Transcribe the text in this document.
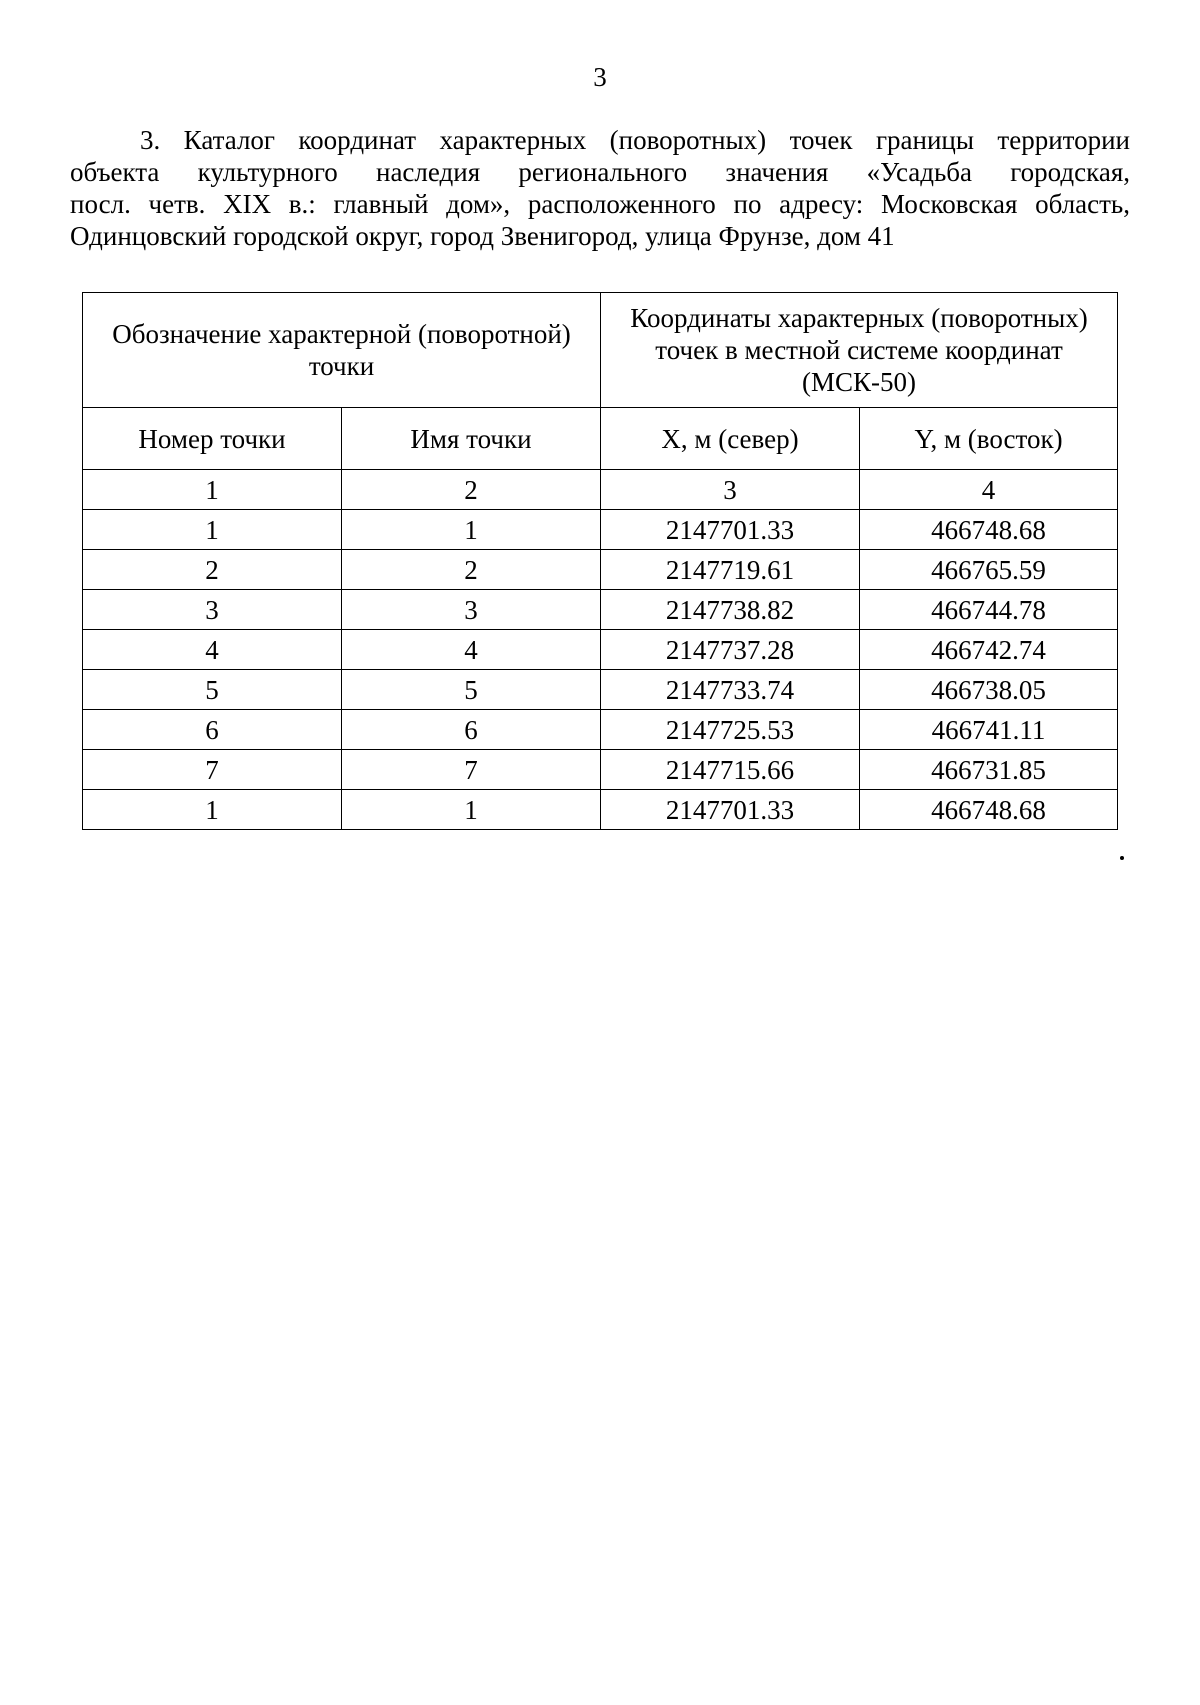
3
3. Каталог координат характерных (поворотных) точек границы территории
объекта культурного наследия регионального значения «Усадьба городская,
посл. четв. XIX в.: главный дом», расположенного по адресу: Московская область,
Одинцовский городской округ, город Звенигород, улица Фрунзе, дом 41
Обозначение характерной (поворотной) точки		Координаты характерных (поворотных) точек в местной системе координат (МСК-50)	
Номер точки	Имя точки	X, м (север)	Y, м (восток)
1	2	3	4
1	1	2147701.33	466748.68
2	2	2147719.61	466765.59
3	3	2147738.82	466744.78
4	4	2147737.28	466742.74
5	5	2147733.74	466738.05
6	6	2147725.53	466741.11
7	7	2147715.66	466731.85
1	1	2147701.33	466748.68
